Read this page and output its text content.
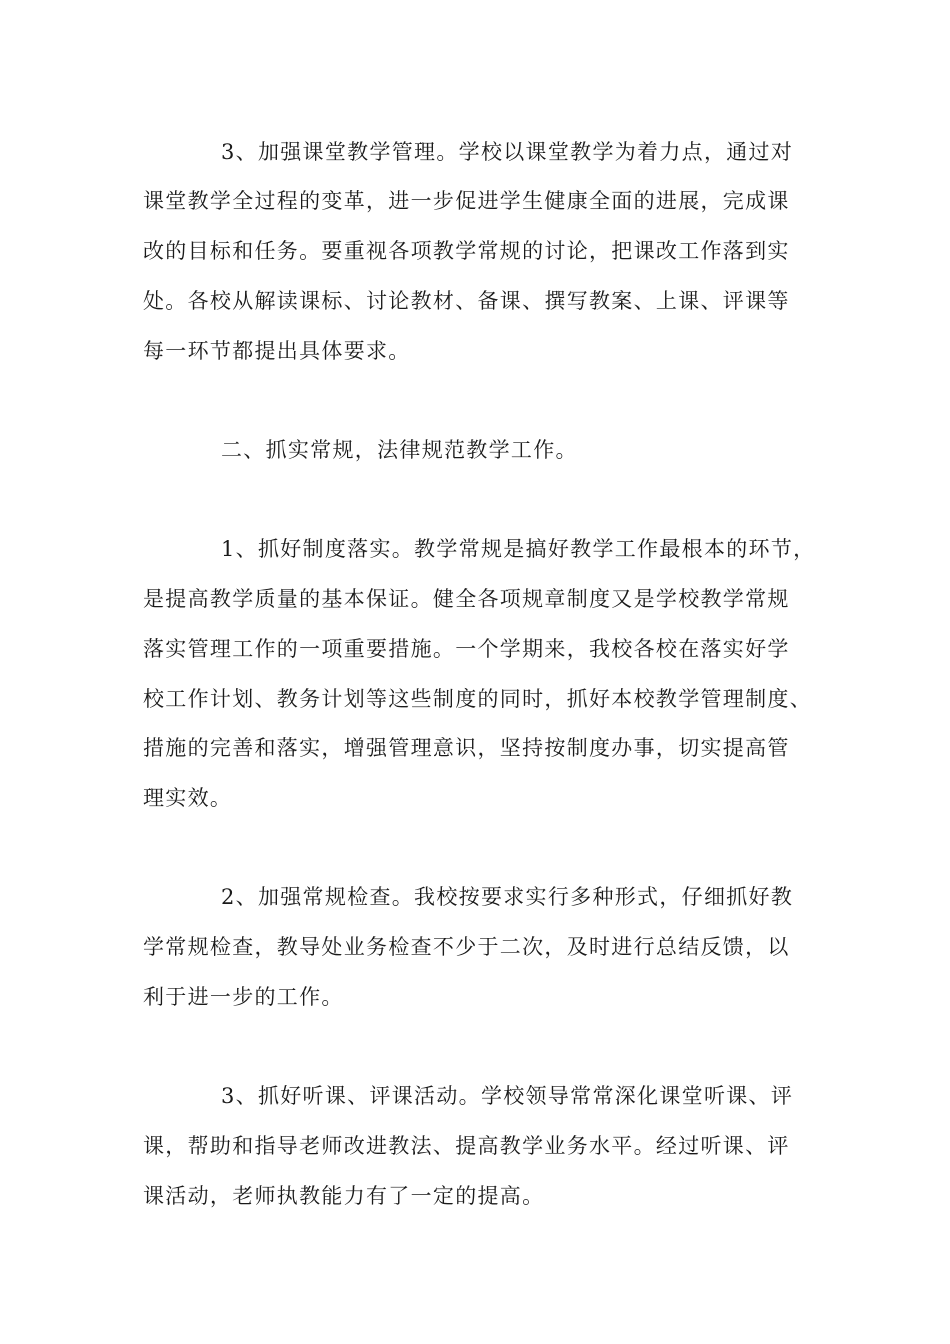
3、加强课堂教学管理。学校以课堂教学为着力点，通过对
课堂教学全过程的变革，进一步促进学生健康全面的进展，完成课
改的目标和任务。要重视各项教学常规的讨论，把课改工作落到实
处。各校从解读课标、讨论教材、备课、撰写教案、上课、评课等
每一环节都提出具体要求。
二、抓实常规，法律规范教学工作。
1、抓好制度落实。教学常规是搞好教学工作最根本的环节，
是提高教学质量的基本保证。健全各项规章制度又是学校教学常规
落实管理工作的一项重要措施。一个学期来，我校各校在落实好学
校工作计划、教务计划等这些制度的同时，抓好本校教学管理制度、
措施的完善和落实，增强管理意识，坚持按制度办事，切实提高管
理实效。
2、加强常规检查。我校按要求实行多种形式，仔细抓好教
学常规检查，教导处业务检查不少于二次，及时进行总结反馈，以
利于进一步的工作。
3、抓好听课、评课活动。学校领导常常深化课堂听课、评
课，帮助和指导老师改进教法、提高教学业务水平。经过听课、评
课活动，老师执教能力有了一定的提高。
